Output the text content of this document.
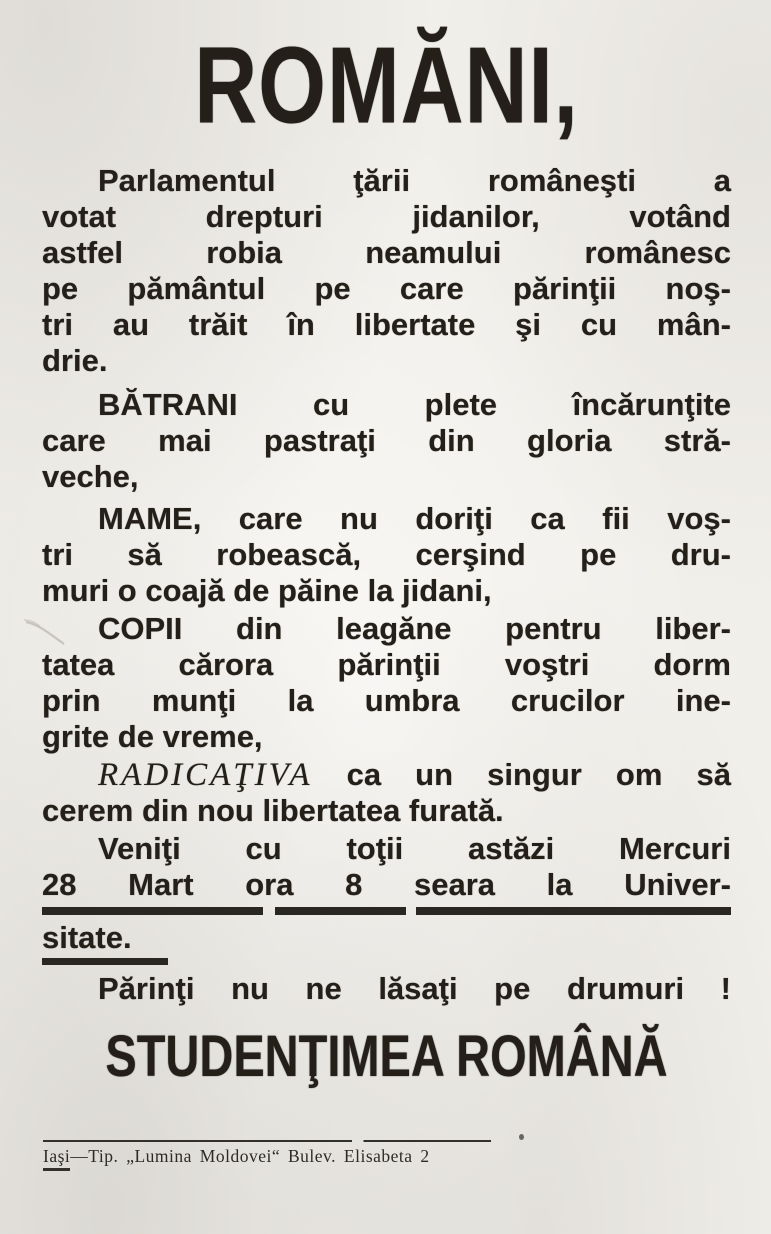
ROMĂNI,
Parlamentul ţării româneşti a
votat drepturi jidanilor, votând
astfel robia neamului românesc
pe pământul pe care părinţii noş-
tri au trăit în libertate şi cu mân-
drie.
BĂTRANI cu plete încărunţite
care mai pastraţi din gloria stră-
veche,
MAME, care nu doriţi ca fii voş-
tri să robească, cerşind pe dru-
muri o coajă de păine la jidani,
COPII din leagăne pentru liber-
tatea cărora părinţii voştri dorm
prin munţi la umbra crucilor ine-
grite de vreme,
RADICAŢIVA ca un singur om să
cerem din nou libertatea furată.
Veniţi cu toţii astăzi Mercuri
28 Mart ora 8 seara la Univer-
sitate.
Părinţi nu ne lăsaţi pe drumuri !
STUDENŢIMEA ROMÂNĂ
Iaşi—Tip. „Lumina Moldovei“ Bulev. Elisabeta 2
